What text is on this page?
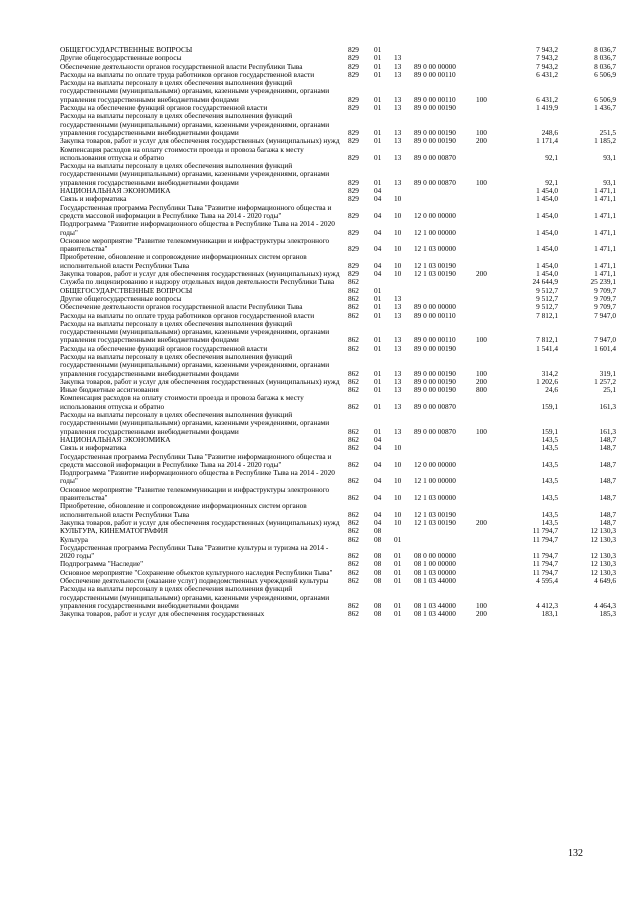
ОБЩЕГОСУДАРСТВЕННЫЕ ВОПРОСЫ	829	01				7 943,2	8 036,7
Другие общегосударственные вопросы	829	01	13			7 943,2	8 036,7
Обеспечение деятельности органов государственной власти Республики Тыва	829	01	13	89 0 00 00000		7 943,2	8 036,7
Расходы на выплаты по оплате труда работников органов государственной власти	829	01	13	89 0 00 00110		6 431,2	6 506,9
Расходы на выплаты персоналу в целях обеспечения выполнения функций государственными (муниципальными) органами, казенными учреждениями, органами управления государственными внебюджетными фондами	829	01	13	89 0 00 00110	100	6 431,2	6 506,9
Расходы на обеспечение функций органов государственной власти	829	01	13	89 0 00 00190		1 419,9	1 436,7
Расходы на выплаты персоналу в целях обеспечения выполнения функций государственными (муниципальными) органами, казенными учреждениями, органами управления государственными внебюджетными фондами	829	01	13	89 0 00 00190	100	248,6	251,5
Закупка товаров, работ и услуг для обеспечения государственных (муниципальных) нужд	829	01	13	89 0 00 00190	200	1 171,4	1 185,2
Компенсация расходов на оплату стоимости проезда и провоза багажа к месту использования отпуска и обратно	829	01	13	89 0 00 00870		92,1	93,1
Расходы на выплаты персоналу в целях обеспечения выполнения функций государственными (муниципальными) органами, казенными учреждениями, органами управления государственными внебюджетными фондами	829	01	13	89 0 00 00870	100	92,1	93,1
НАЦИОНАЛЬНАЯ ЭКОНОМИКА	829	04				1 454,0	1 471,1
Связь и информатика	829	04	10			1 454,0	1 471,1
Государственная программа Республики Тыва "Развитие информационного общества и средств массовой информации в Республике Тыва на 2014 - 2020 годы"	829	04	10	12 0 00 00000		1 454,0	1 471,1
Подпрограмма "Развитие информационного общества в Республике Тыва на 2014 - 2020 годы"	829	04	10	12 1 00 00000		1 454,0	1 471,1
Основное мероприятие "Развитие телекоммуникации и инфраструктуры электронного правительства"	829	04	10	12 1 03 00000		1 454,0	1 471,1
Приобретение, обновление и сопровождение информационных систем органов исполнительной власти Республики Тыва	829	04	10	12 1 03 00190		1 454,0	1 471,1
Закупка товаров, работ и услуг для обеспечения государственных (муниципальных) нужд	829	04	10	12 1 03 00190	200	1 454,0	1 471,1
Служба по лицензированию и надзору отдельных видов деятельности Республики Тыва	862					24 644,9	25 239,1
ОБЩЕГОСУДАРСТВЕННЫЕ ВОПРОСЫ	862	01				9 512,7	9 709,7
Другие общегосударственные вопросы	862	01	13			9 512,7	9 709,7
Обеспечение деятельности органов государственной власти Республики Тыва	862	01	13	89 0 00 00000		9 512,7	9 709,7
Расходы на выплаты по оплате труда работников органов государственной власти	862	01	13	89 0 00 00110		7 812,1	7 947,0
Расходы на выплаты персоналу в целях обеспечения выполнения функций государственными (муниципальными) органами, казенными учреждениями, органами управления государственными внебюджетными фондами	862	01	13	89 0 00 00110	100	7 812,1	7 947,0
Расходы на обеспечение функций органов государственной власти	862	01	13	89 0 00 00190		1 541,4	1 601,4
Расходы на выплаты персоналу в целях обеспечения выполнения функций государственными (муниципальными) органами, казенными учреждениями, органами управления государственными внебюджетными фондами	862	01	13	89 0 00 00190	100	314,2	319,1
Закупка товаров, работ и услуг для обеспечения государственных (муниципальных) нужд	862	01	13	89 0 00 00190	200	1 202,6	1 257,2
Иные бюджетные ассигнования	862	01	13	89 0 00 00190	800	24,6	25,1
Компенсация расходов на оплату стоимости проезда и провоза багажа к месту использования отпуска и обратно	862	01	13	89 0 00 00870		159,1	161,3
Расходы на выплаты персоналу в целях обеспечения выполнения функций государственными (муниципальными) органами, казенными учреждениями, органами управления государственными внебюджетными фондами	862	01	13	89 0 00 00870	100	159,1	161,3
НАЦИОНАЛЬНАЯ ЭКОНОМИКА	862	04				143,5	148,7
Связь и информатика	862	04	10			143,5	148,7
Государственная программа Республики Тыва "Развитие информационного общества и средств массовой информации в Республике Тыва на 2014 - 2020 годы"	862	04	10	12 0 00 00000		143,5	148,7
Подпрограмма "Развитие информационного общества в Республике Тыва на 2014 - 2020 годы"	862	04	10	12 1 00 00000		143,5	148,7
Основное мероприятие "Развитие телекоммуникации и инфраструктуры электронного правительства"	862	04	10	12 1 03 00000		143,5	148,7
Приобретение, обновление и сопровождение информационных систем органов исполнительной власти Республики Тыва	862	04	10	12 1 03 00190		143,5	148,7
Закупка товаров, работ и услуг для обеспечения государственных (муниципальных) нужд	862	04	10	12 1 03 00190	200	143,5	148,7
КУЛЬТУРА, КИНЕМАТОГРАФИЯ	862	08				11 794,7	12 130,3
Культура	862	08	01			11 794,7	12 130,3
Государственная программа Республики Тыва "Развитие культуры и туризма на 2014 - 2020 годы"	862	08	01	08 0 00 00000		11 794,7	12 130,3
Подпрограмма "Наследие"	862	08	01	08 1 00 00000		11 794,7	12 130,3
Основное мероприятие "Сохранение объектов культурного наследия Республики Тыва"	862	08	01	08 1 03 00000		11 794,7	12 130,3
Обеспечение деятельности (оказание услуг) подведомственных учреждений культуры	862	08	01	08 1 03 44000		4 595,4	4 649,6
Расходы на выплаты персоналу в целях обеспечения выполнения функций государственными (муниципальными) органами, казенными учреждениями, органами управления государственными внебюджетными фондами	862	08	01	08 1 03 44000	100	4 412,3	4 464,3
Закупка товаров, работ и услуг для обеспечения государственных	862	08	01	08 1 03 44000	200	183,1	185,3
132
